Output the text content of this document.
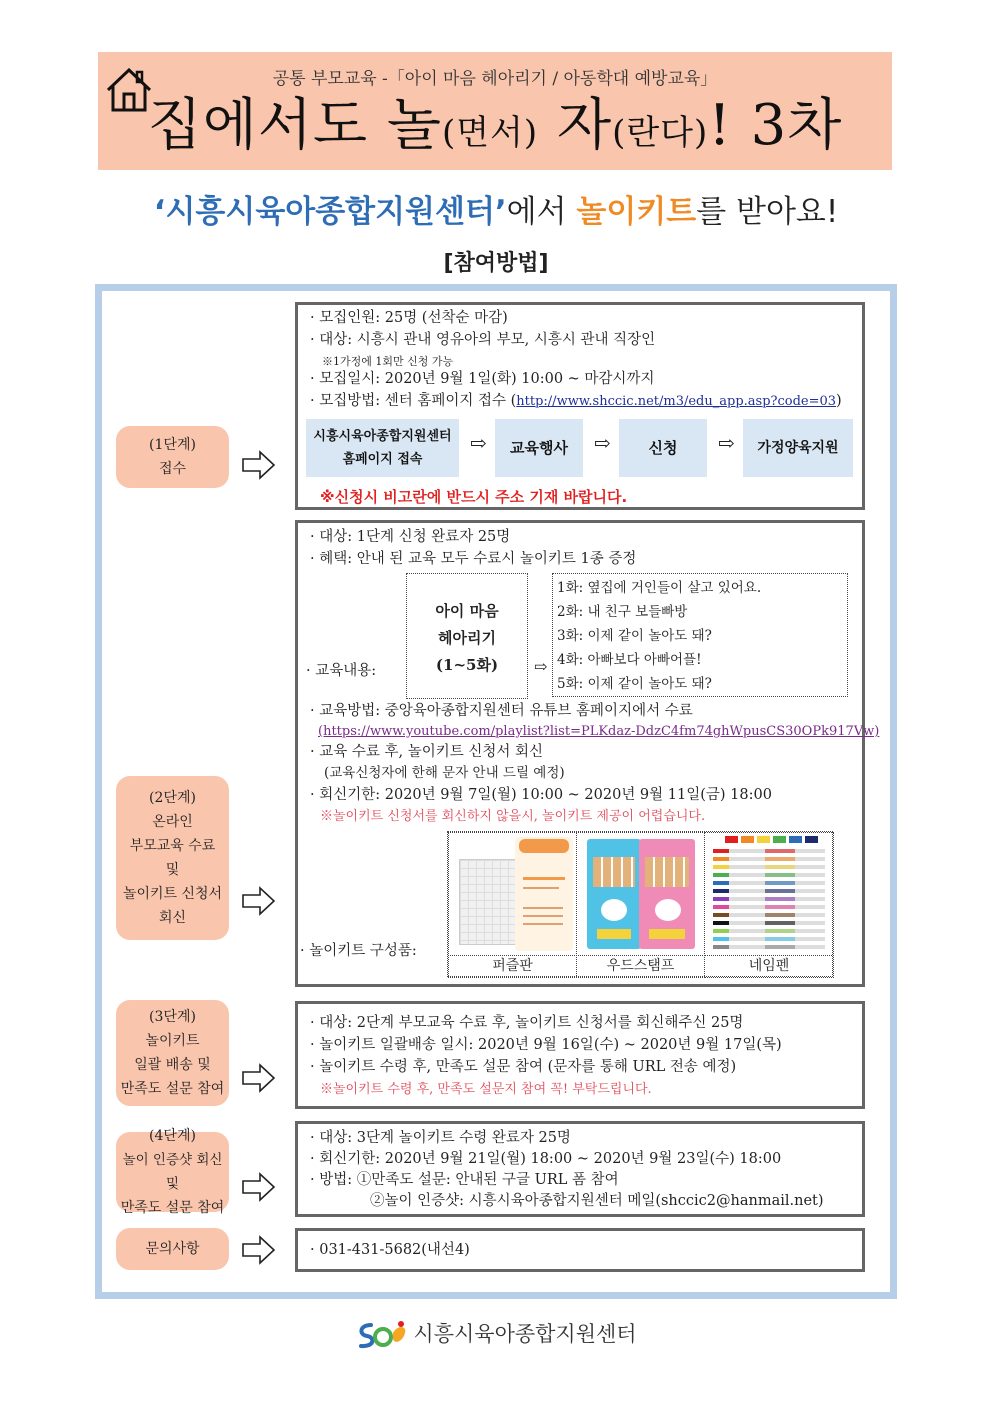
공통 부모교육 -「아이 마음 헤아리기 / 아동학대 예방교육」
집에서도 놀(면서) 자(란다)! 3차
‘시흥시육아종합지원센터’에서 놀이키트를 받아요!
[참여방법]
(1단계)
접수
· 모집인원: 25명 (선착순 마감)
· 대상: 시흥시 관내 영유아의 부모, 시흥시 관내 직장인
※1가정에 1회만 신청 가능
· 모집일시: 2020년 9월 1일(화) 10:00 ~ 마감시까지
· 모집방법: 센터 홈페이지 접수 (http://www.shccic.net/m3/edu_app.asp?code=03)
시흥시육아종합지원센터
홈페이지 접속
⇨	교육행사	⇨	신청	⇨	가정양육지원
※신청시 비고란에 반드시 주소 기재 바랍니다.
(2단계)
온라인
부모교육 수료
및
놀이키트 신청서
회신
· 대상: 1단계 신청 완료자 25명
· 혜택: 안내 된 교육 모두 수료시 놀이키트 1종 증정
· 교육내용:
아이 마음
헤아리기
(1~5화)	⇨
1화: 옆집에 거인들이 살고 있어요.
2화: 내 친구 보들빠방
3화: 이제 같이 놀아도 돼?
4화: 아빠보다 아빠어플!
5화: 이제 같이 놀아도 돼?
· 교육방법: 중앙육아종합지원센터 유튜브 홈페이지에서 수료
(https://www.youtube.com/playlist?list=PLKdaz-DdzC4fm74ghWpusCS30OPk917Vw)
· 교육 수료 후, 놀이키트 신청서 회신
(교육신청자에 한해 문자 안내 드릴 예정)
· 회신기한: 2020년 9월 7일(월) 10:00 ~ 2020년 9월 11일(금) 18:00
※놀이키트 신청서를 회신하지 않을시, 놀이키트 제공이 어렵습니다.
· 놀이키트 구성품:
퍼즐판	우드스탬프	네임펜
(3단계)
놀이키트
일괄 배송 및
만족도 설문 참여
· 대상: 2단계 부모교육 수료 후, 놀이키트 신청서를 회신해주신 25명
· 놀이키트 일괄배송 일시: 2020년 9월 16일(수) ~ 2020년 9월 17일(목)
· 놀이키트 수령 후, 만족도 설문 참여 (문자를 통해 URL 전송 예정)
※놀이키트 수령 후, 만족도 설문지 참여 꼭! 부탁드립니다.
(4단계)
놀이 인증샷 회신 및
만족도 설문 참여
· 대상: 3단계 놀이키트 수령 완료자 25명
· 회신기한: 2020년 9월 21일(월) 18:00 ~ 2020년 9월 23일(수) 18:00
· 방법: ①만족도 설문: 안내된 구글 URL 폼 참여
②놀이 인증샷: 시흥시육아종합지원센터 메일(shccic2@hanmail.net)
문의사항	· 031-431-5682(내선4)
시흥시육아종합지원센터
